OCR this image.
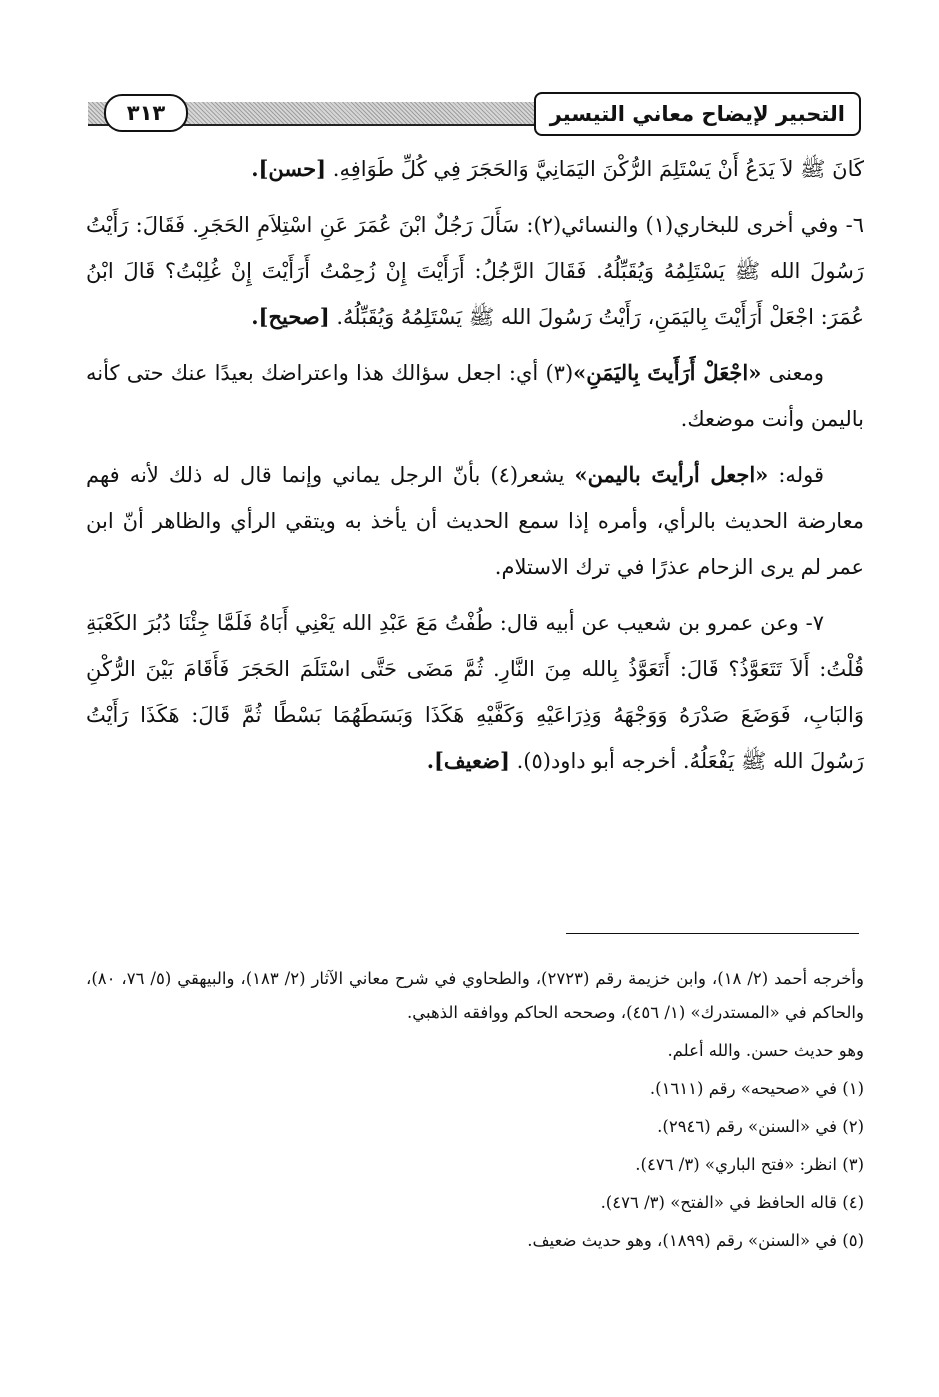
التحبير لإيضاح معاني التيسير
٣١٣

كَانَ ﷺ لاَ يَدَعُ أَنْ يَسْتَلِمَ الرُّكْنَ اليَمَانِيَّ وَالحَجَرَ فِي كُلِّ طَوَافِهِ. [حسن].

٦- وفي أخرى للبخاري(١) والنسائي(٢): سَأَلَ رَجُلٌ ابْنَ عُمَرَ عَنِ اسْتِلاَمِ الحَجَرِ. فَقَالَ: رَأَيْتُ رَسُولَ الله ﷺ يَسْتَلِمُهُ وَيُقَبِّلُهُ. فَقَالَ الرَّجُلُ: أَرَأَيْتَ إِنْ زُحِمْتُ أَرَأَيْتَ إِنْ غُلِبْتُ؟ قَالَ ابْنُ عُمَرَ: اجْعَلْ أَرَأَيْتَ بِاليَمَنِ، رَأَيْتُ رَسُولَ الله ﷺ يَسْتَلِمُهُ وَيُقَبِّلُهُ. [صحيح].

ومعنى «اجْعَلْ أَرَأَيتَ بِاليَمَنِ»(٣) أي: اجعل سؤالك هذا واعتراضك بعيدًا عنك حتى كأنه باليمن وأنت موضعك.

قوله: «اجعل أرأيتَ باليمن» يشعر(٤) بأنّ الرجل يماني وإنما قال له ذلك لأنه فهم معارضة الحديث بالرأي، وأمره إذا سمع الحديث أن يأخذ به ويتقي الرأي والظاهر أنّ ابن عمر لم يرى الزحام عذرًا في ترك الاستلام.

٧- وعن عمرو بن شعيب عن أبيه قال: طُفْتُ مَعَ عَبْدِ الله يَعْنِي أَبَاهُ فَلَمَّا جِئْنَا دُبُرَ الكَعْبَةِ قُلْتُ: أَلاَ تَتَعَوَّذُ؟ قَالَ: أَتَعَوَّذُ بِالله مِنَ النَّارِ. ثُمَّ مَضَى حَتَّى اسْتَلَمَ الحَجَرَ فَأَقَامَ بَيْنَ الرُّكْنِ وَالبَابِ، فَوَضَعَ صَدْرَهُ وَوَجْهَهُ وَذِرَاعَيْهِ وَكَفَّيْهِ هَكَذَا وَبَسَطَهُمَا بَسْطًا ثُمَّ قَالَ: هَكَذَا رَأَيْتُ رَسُولَ الله ﷺ يَفْعَلُهُ. أخرجه أبو داود(٥). [ضعيف].

وأخرجه أحمد (٢/ ١٨)، وابن خزيمة رقم (٢٧٢٣)، والطحاوي في شرح معاني الآثار (٢/ ١٨٣)، والبيهقي (٥/ ٧٦، ٨٠)، والحاكم في «المستدرك» (١/ ٤٥٦)، وصححه الحاكم ووافقه الذهبي.

وهو حديث حسن. والله أعلم.

(١) في «صحيحه» رقم (١٦١١).

(٢) في «السنن» رقم (٢٩٤٦).

(٣) انظر: «فتح الباري» (٣/ ٤٧٦).

(٤) قاله الحافظ في «الفتح» (٣/ ٤٧٦).

(٥) في «السنن» رقم (١٨٩٩)، وهو حديث ضعيف.
